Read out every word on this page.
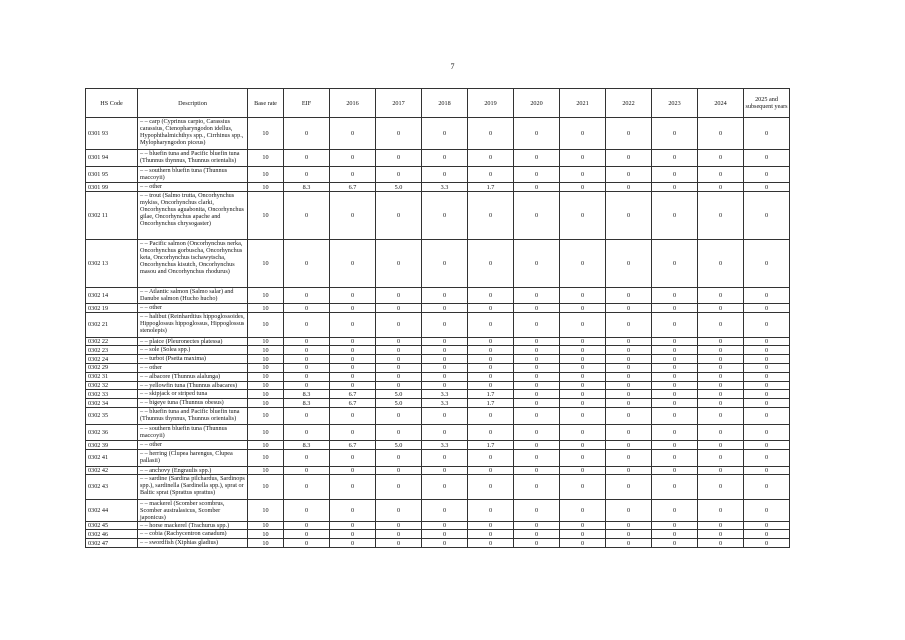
7
HS Code	Description	Base rate	EIF	2016	2017	2018	2019	2020	2021	2022	2023	2024	2025 and subsequent years
0301 93	– – carp (Cyprinus carpio, Carassius carassius, Ctenopharyngodon idellus, Hypophthalmichthys spp., Cirrhinus spp., Mylopharyngodon piceus)	10	0	0	0	0	0	0	0	0	0	0	0
0301 94	– – bluefin tuna and Pacific bluefin tuna (Thunnus thynnus, Thunnus orientalis)	10	0	0	0	0	0	0	0	0	0	0	0
0301 95	– – southern bluefin tuna (Thunnus maccoyii)	10	0	0	0	0	0	0	0	0	0	0	0
0301 99	– – other	10	8.3	6.7	5.0	3.3	1.7	0	0	0	0	0	0
0302 11	– – trout (Salmo trutta, Oncorhynchus mykiss, Oncorhynchus clarki, Oncorhynchus aguabonita, Oncorhynchus gilae, Oncorhynchus apache and Oncorhynchus chrysogaster)	10	0	0	0	0	0	0	0	0	0	0	0
0302 13	– – Pacific salmon (Oncorhynchus nerka, Oncorhynchus gorbuscha, Oncorhynchus keta, Oncorhynchus tschawytscha, Oncorhynchus kisutch, Oncorhynchus masou and Oncorhynchus rhodurus)	10	0	0	0	0	0	0	0	0	0	0	0
0302 14	– – Atlantic salmon (Salmo salar) and Danube salmon (Hucho hucho)	10	0	0	0	0	0	0	0	0	0	0	0
0302 19	– – other	10	0	0	0	0	0	0	0	0	0	0	0
0302 21	– – halibut (Reinhardtius hippoglossoides, Hippoglossus hippoglossus, Hippoglossus stenolepis)	10	0	0	0	0	0	0	0	0	0	0	0
0302 22	– – plaice (Pleuronectes platessa)	10	0	0	0	0	0	0	0	0	0	0	0
0302 23	– – sole (Solea spp.)	10	0	0	0	0	0	0	0	0	0	0	0
0302 24	– – turbot (Psetta maxima)	10	0	0	0	0	0	0	0	0	0	0	0
0302 29	– – other	10	0	0	0	0	0	0	0	0	0	0	0
0302 31	– – albacore (Thunnus alalunga)	10	0	0	0	0	0	0	0	0	0	0	0
0302 32	– – yellowfin tuna (Thunnus albacares)	10	0	0	0	0	0	0	0	0	0	0	0
0302 33	– – skipjack or striped tuna	10	8.3	6.7	5.0	3.3	1.7	0	0	0	0	0	0
0302 34	– – bigeye tuna (Thunnus obesus)	10	8.3	6.7	5.0	3.3	1.7	0	0	0	0	0	0
0302 35	– – bluefin tuna and Pacific bluefin tuna (Thunnus thynnus, Thunnus orientalis)	10	0	0	0	0	0	0	0	0	0	0	0
0302 36	– – southern bluefin tuna (Thunnus maccoyii)	10	0	0	0	0	0	0	0	0	0	0	0
0302 39	– – other	10	8.3	6.7	5.0	3.3	1.7	0	0	0	0	0	0
0302 41	– – herring (Clupea harengus, Clupea pallasii)	10	0	0	0	0	0	0	0	0	0	0	0
0302 42	– – anchovy (Engraulis spp.)	10	0	0	0	0	0	0	0	0	0	0	0
0302 43	– – sardine (Sardina pilchardus, Sardinops spp.), sardinella (Sardinella spp.), sprat or Baltic sprat (Sprattus sprattus)	10	0	0	0	0	0	0	0	0	0	0	0
0302 44	– – mackerel (Scomber scombrus, Scomber australasicus, Scomber japonicus)	10	0	0	0	0	0	0	0	0	0	0	0
0302 45	– – horse mackerel (Trachurus spp.)	10	0	0	0	0	0	0	0	0	0	0	0
0302 46	– – cobia (Rachycentron canadum)	10	0	0	0	0	0	0	0	0	0	0	0
0302 47	– – swordfish (Xiphias gladius)	10	0	0	0	0	0	0	0	0	0	0	0
